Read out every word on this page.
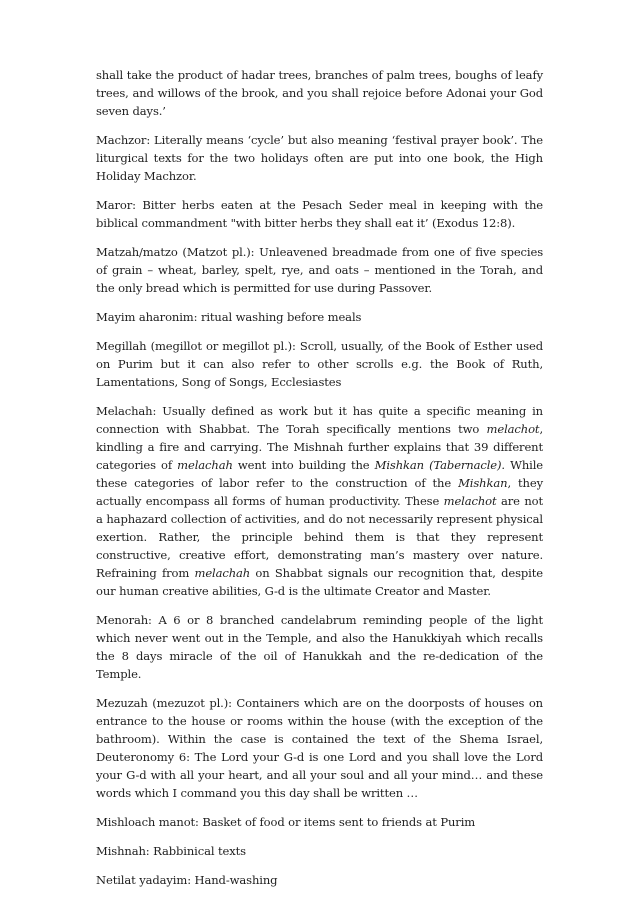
shall take the product of hadar trees, branches of palm trees, boughs of leafy trees, and willows of the brook, and you shall rejoice before Adonai your God seven days.’

Machzor: Literally means ‘cycle’ but also meaning ‘festival prayer book’. The liturgical texts for the two holidays often are put into one book, the High Holiday Machzor.

Maror: Bitter herbs eaten at the Pesach Seder meal in keeping with the biblical commandment "with bitter herbs they shall eat it’ (Exodus 12:8).

Matzah/matzo (Matzot pl.): Unleavened breadmade from one of five species of grain – wheat, barley, spelt, rye, and oats – mentioned in the Torah, and the only bread which is permitted for use during Passover.

Mayim aharonim: ritual washing before meals

Megillah (megillot or megillot pl.): Scroll, usually, of the Book of Esther used on Purim but it can also refer to other scrolls e.g. the Book of Ruth, Lamentations, Song of Songs, Ecclesiastes

Melachah: Usually defined as work but it has quite a specific meaning in connection with Shabbat. The Torah specifically mentions two melachot, kindling a fire and carrying. The Mishnah further explains that 39 different categories of melachah went into building the Mishkan (Tabernacle). While these categories of labor refer to the construction of the Mishkan, they actually encompass all forms of human productivity. These melachot are not a haphazard collection of activities, and do not necessarily represent physical exertion. Rather, the principle behind them is that they represent constructive, creative effort, demonstrating man’s mastery over nature. Refraining from melachah on Shabbat signals our recognition that, despite our human creative abilities, G-d is the ultimate Creator and Master.

Menorah: A 6 or 8 branched candelabrum reminding people of the light which never went out in the Temple, and also the Hanukkiyah which recalls the 8 days miracle of the oil of Hanukkah and the re-dedication of the Temple.

Mezuzah (mezuzot pl.): Containers which are on the doorposts of houses on entrance to the house or rooms within the house (with the exception of the bathroom). Within the case is contained the text of the Shema Israel, Deuteronomy 6: The Lord your G-d is one Lord and you shall love the Lord your G-d with all your heart, and all your soul and all your mind… and these words which I command you this day shall be written …

Mishloach manot: Basket of food or items sent to friends at Purim

Mishnah: Rabbinical texts

Netilat yadayim: Hand-washing
